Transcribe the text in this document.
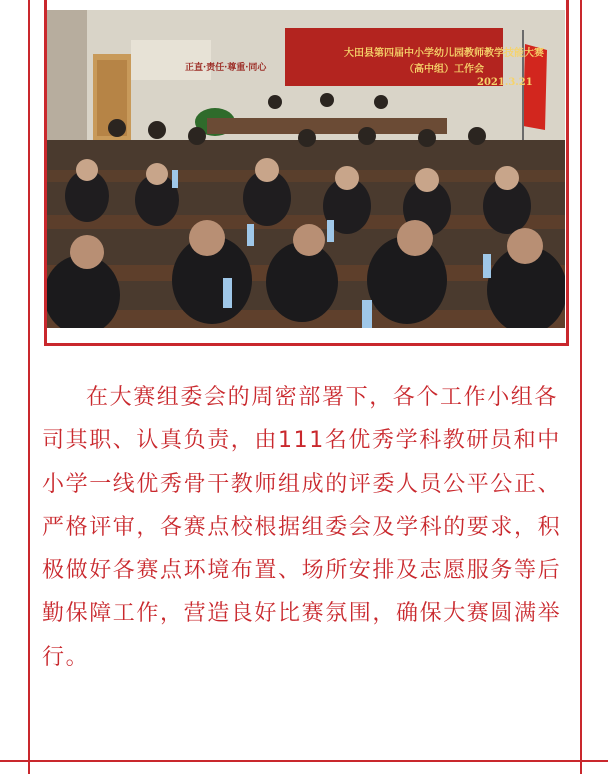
大田县第四届中小学幼儿园教师教学技能大赛
（高中组）工作会
2021.3.21
正直·责任·尊重·同心

在大赛组委会的周密部署下，各个工作小组各司其职、认真负责，由111名优秀学科教研员和中小学一线优秀骨干教师组成的评委人员公平公正、严格评审，各赛点校根据组委会及学科的要求，积极做好各赛点环境布置、场所安排及志愿服务等后勤保障工作，营造良好比赛氛围，确保大赛圆满举行。
